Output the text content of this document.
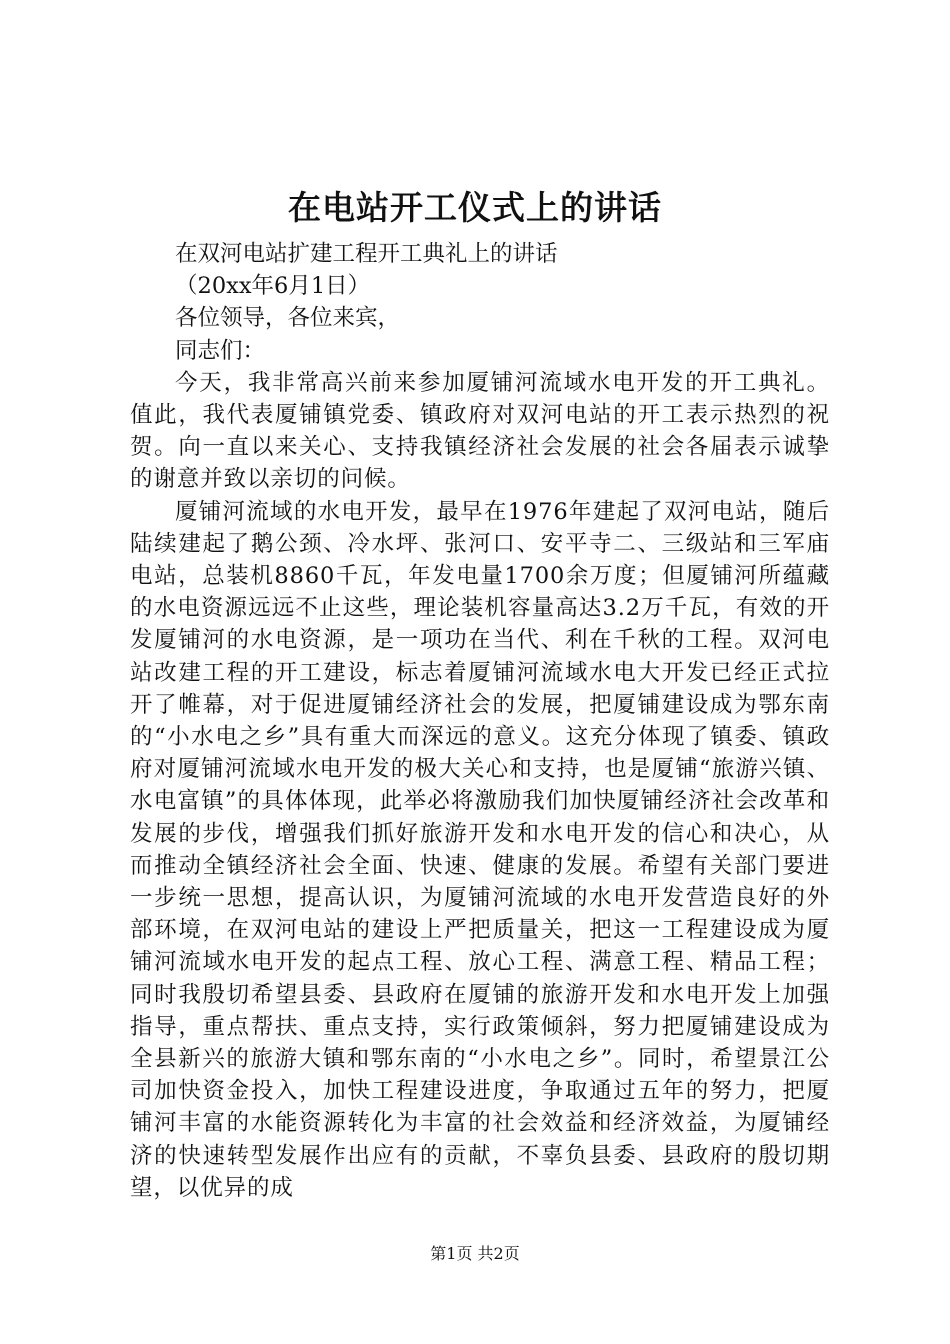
在电站开工仪式上的讲话

在双河电站扩建工程开工典礼上的讲话

（20xx年6月1日）

各位领导，各位来宾，

同志们：

今天，我非常高兴前来参加厦铺河流域水电开发的开工典礼。值此，我代表厦铺镇党委、镇政府对双河电站的开工表示热烈的祝贺。向一直以来关心、支持我镇经济社会发展的社会各届表示诚挚的谢意并致以亲切的问候。

厦铺河流域的水电开发，最早在1976年建起了双河电站，随后陆续建起了鹅公颈、冷水坪、张河口、安平寺二、三级站和三军庙电站，总装机8860千瓦，年发电量1700余万度；但厦铺河所蕴藏的水电资源远远不止这些，理论装机容量高达3.2万千瓦，有效的开发厦铺河的水电资源，是一项功在当代、利在千秋的工程。双河电站改建工程的开工建设，标志着厦铺河流域水电大开发已经正式拉开了帷幕，对于促进厦铺经济社会的发展，把厦铺建设成为鄂东南的“小水电之乡”具有重大而深远的意义。这充分体现了镇委、镇政府对厦铺河流域水电开发的极大关心和支持，也是厦铺“旅游兴镇、水电富镇”的具体体现，此举必将激励我们加快厦铺经济社会改革和发展的步伐，增强我们抓好旅游开发和水电开发的信心和决心，从而推动全镇经济社会全面、快速、健康的发展。希望有关部门要进一步统一思想，提高认识，为厦铺河流域的水电开发营造良好的外部环境，在双河电站的建设上严把质量关，把这一工程建设成为厦铺河流域水电开发的起点工程、放心工程、满意工程、精品工程；同时我殷切希望县委、县政府在厦铺的旅游开发和水电开发上加强指导，重点帮扶、重点支持，实行政策倾斜，努力把厦铺建设成为全县新兴的旅游大镇和鄂东南的“小水电之乡”。同时，希望景江公司加快资金投入，加快工程建设进度，争取通过五年的努力，把厦铺河丰富的水能资源转化为丰富的社会效益和经济效益，为厦铺经济的快速转型发展作出应有的贡献，不辜负县委、县政府的殷切期望，以优异的成

第1页 共2页
